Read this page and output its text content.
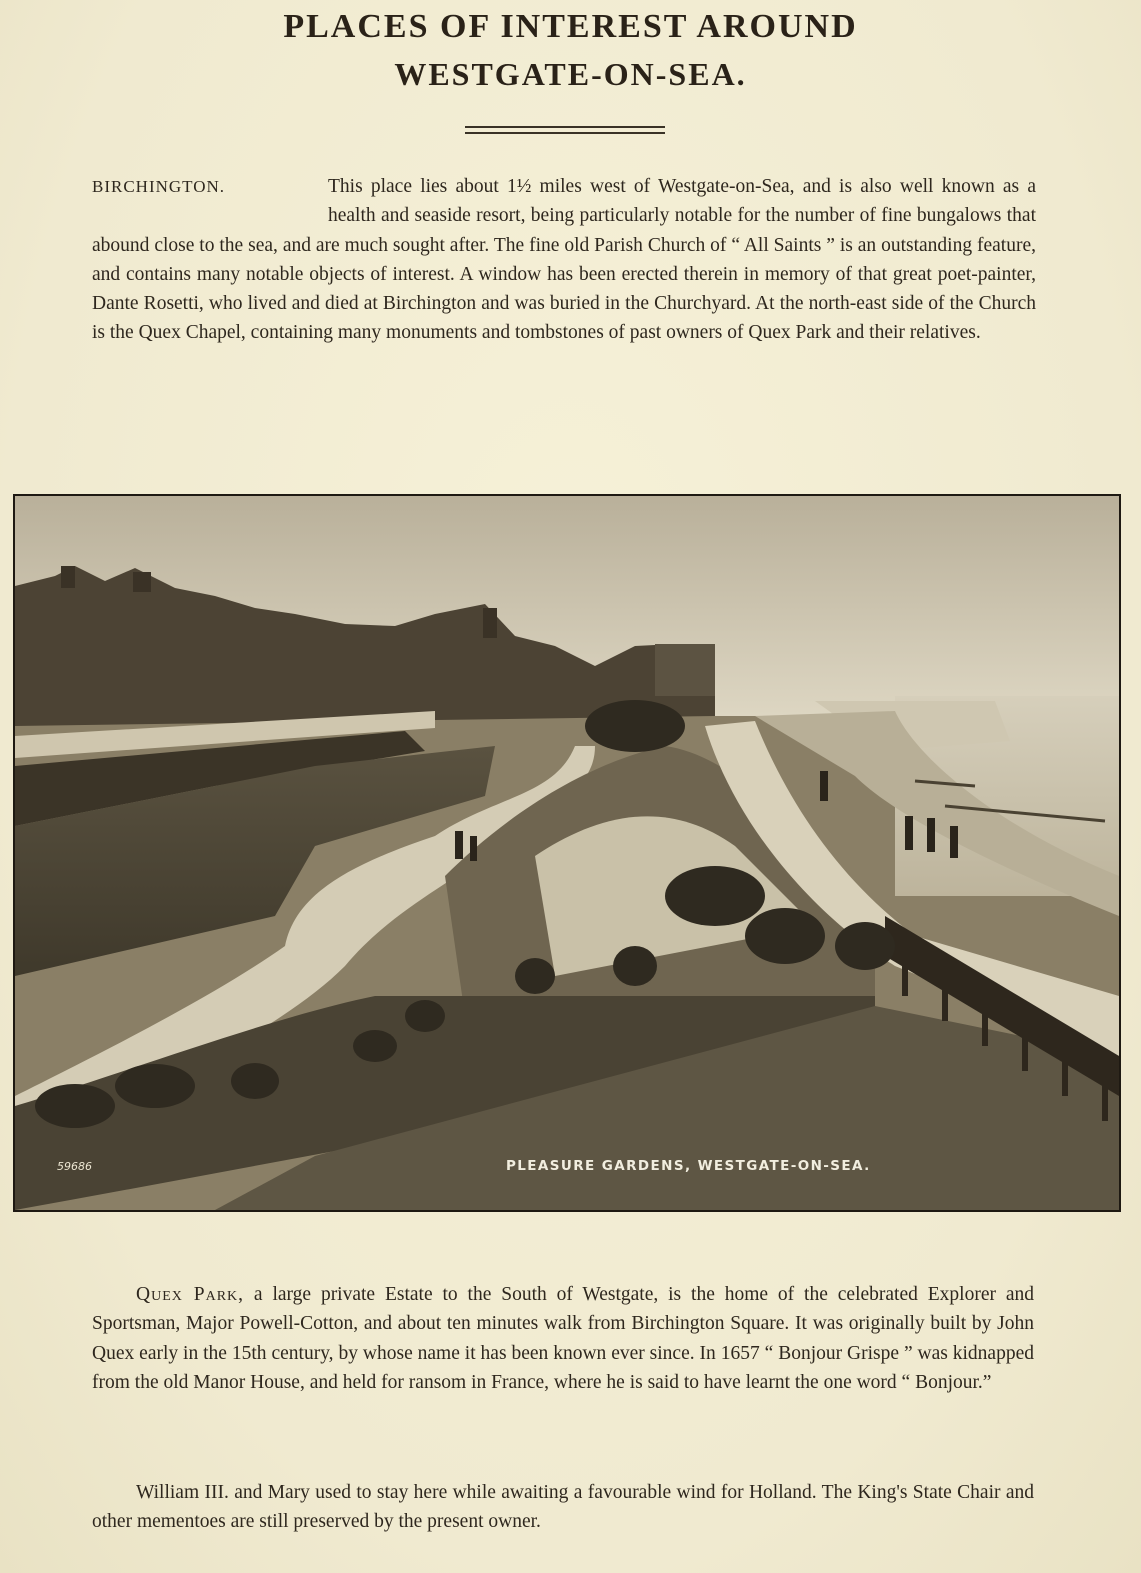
PLACES OF INTEREST AROUND
WESTGATE-ON-SEA.

BIRCHINGTON.	This place lies about 1½ miles west of Westgate-on-Sea, and is also well known as a health and seaside resort, being particularly notable for the number of fine bungalows that abound close to the sea, and are much sought after. The fine old Parish Church of “ All Saints ” is an outstanding feature, and contains many notable objects of interest. A window has been erected therein in memory of that great poet-painter, Dante Rosetti, who lived and died at Birchington and was buried in the Churchyard. At the north-east side of the Church is the Quex Chapel, containing many monuments and tombstones of past owners of Quex Park and their relatives.

59686	PLEASURE GARDENS, WESTGATE-ON-SEA.

Quex Park, a large private Estate to the South of Westgate, is the home of the celebrated Explorer and Sportsman, Major Powell-Cotton, and about ten minutes walk from Birchington Square. It was originally built by John Quex early in the 15th century, by whose name it has been known ever since. In 1657 “ Bonjour Grispe ” was kidnapped from the old Manor House, and held for ransom in France, where he is said to have learnt the one word “ Bonjour.”

William III. and Mary used to stay here while awaiting a favourable wind for Holland. The King's State Chair and other mementoes are still preserved by the present owner.
